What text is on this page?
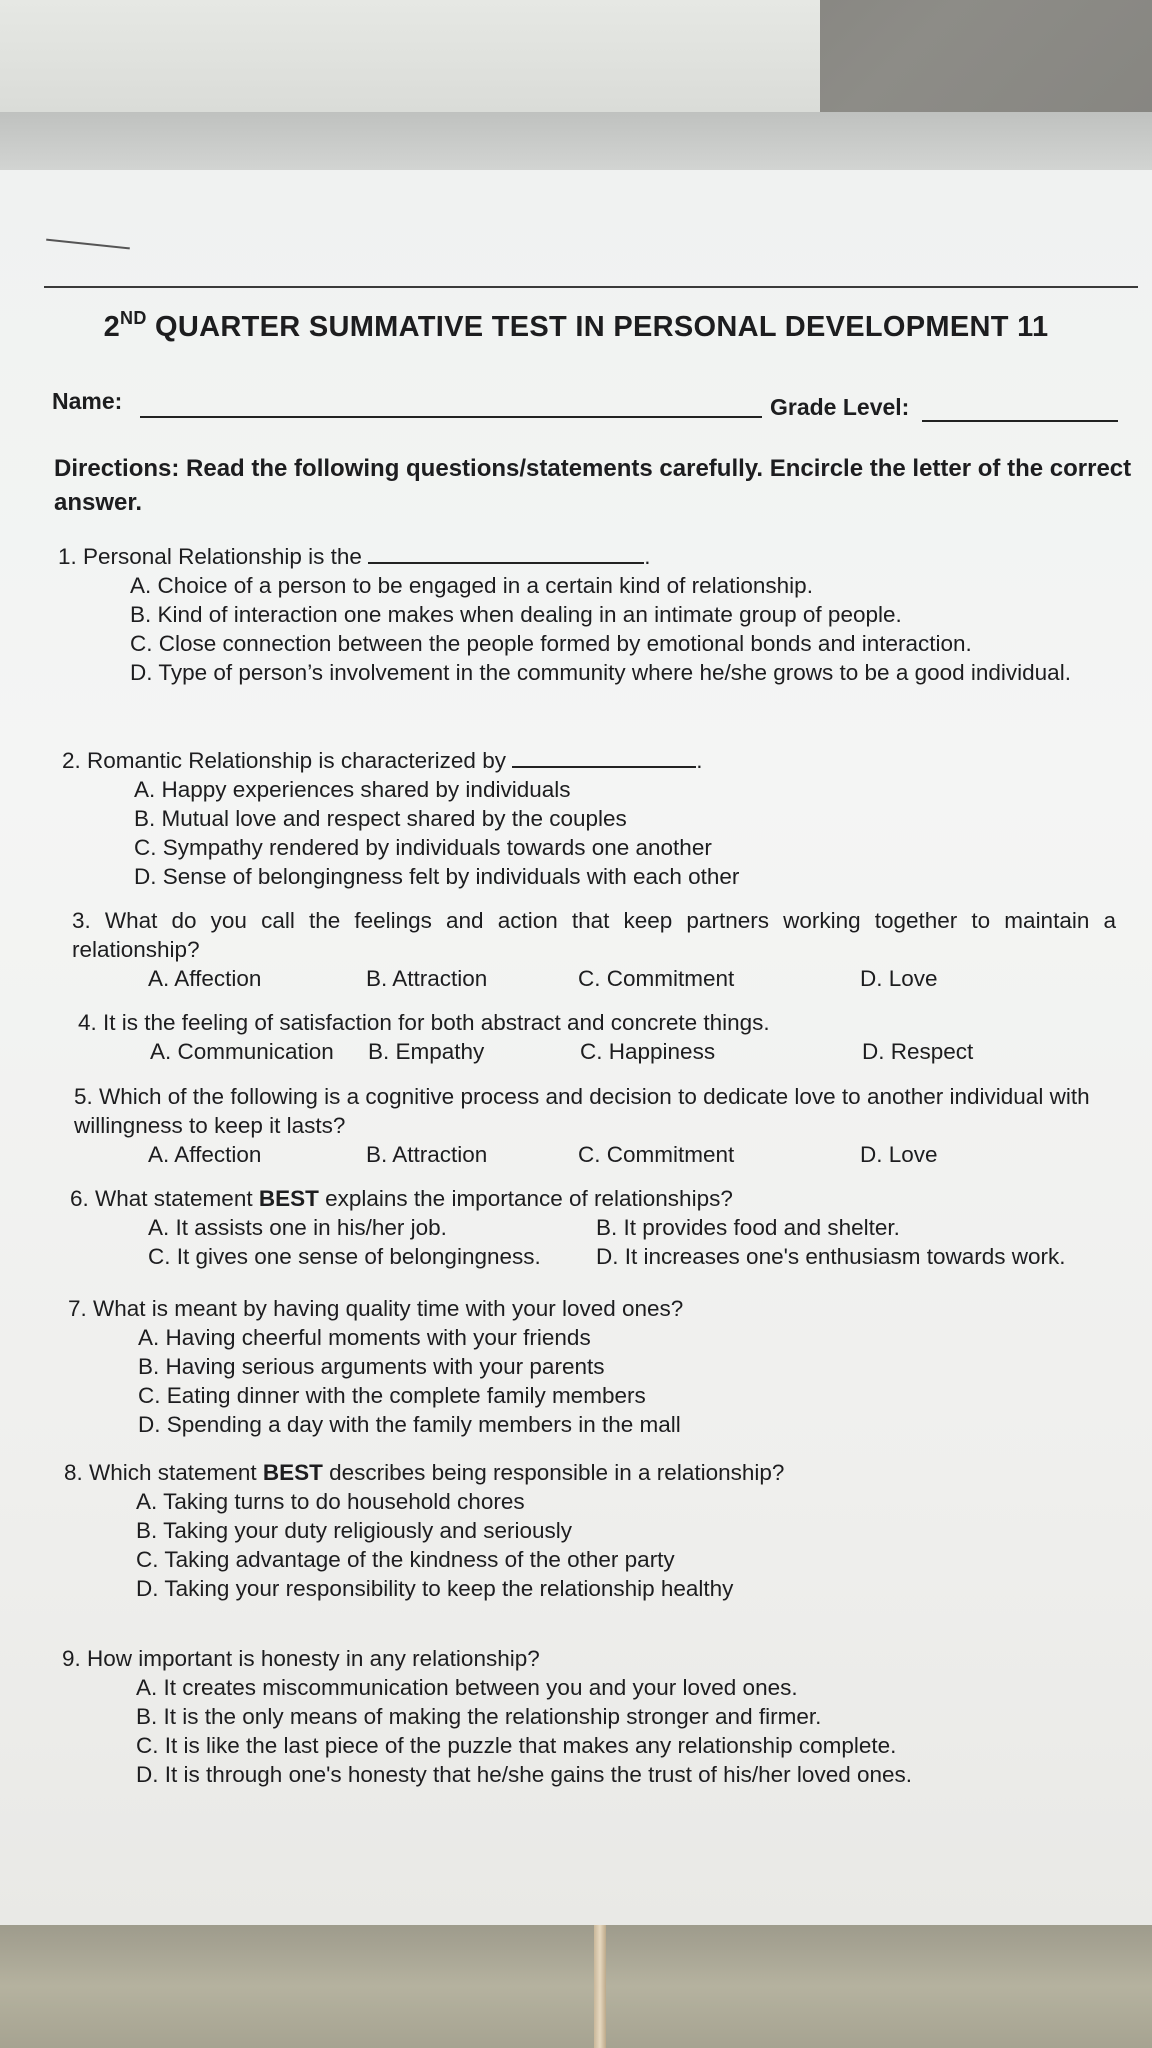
2ND QUARTER SUMMATIVE TEST IN PERSONAL DEVELOPMENT 11
Name:	Grade Level:
Directions: Read the following questions/statements carefully. Encircle the letter of the correct answer.
1. Personal Relationship is the	.
A. Choice of a person to be engaged in a certain kind of relationship.
B. Kind of interaction one makes when dealing in an intimate group of people.
C. Close connection between the people formed by emotional bonds and interaction.
D. Type of person’s involvement in the community where he/she grows to be a good individual.
2. Romantic Relationship is characterized by	.
A. Happy experiences shared by individuals
B. Mutual love and respect shared by the couples
C. Sympathy rendered by individuals towards one another
D. Sense of belongingness felt by individuals with each other
3. What do you call the feelings and action that keep partners working together to maintain a relationship?
A. Affection	B. Attraction	C. Commitment	D. Love
4. It is the feeling of satisfaction for both abstract and concrete things.
A. Communication	B. Empathy	C. Happiness	D. Respect
5. Which of the following is a cognitive process and decision to dedicate love to another individual with willingness to keep it lasts?
A. Affection	B. Attraction	C. Commitment	D. Love
6. What statement BEST explains the importance of relationships?
A. It assists one in his/her job.	B. It provides food and shelter.
C. It gives one sense of belongingness.	D. It increases one's enthusiasm towards work.
7. What is meant by having quality time with your loved ones?
A. Having cheerful moments with your friends
B. Having serious arguments with your parents
C. Eating dinner with the complete family members
D. Spending a day with the family members in the mall
8. Which statement BEST describes being responsible in a relationship?
A. Taking turns to do household chores
B. Taking your duty religiously and seriously
C. Taking advantage of the kindness of the other party
D. Taking your responsibility to keep the relationship healthy
9. How important is honesty in any relationship?
A. It creates miscommunication between you and your loved ones.
B. It is the only means of making the relationship stronger and firmer.
C. It is like the last piece of the puzzle that makes any relationship complete.
D. It is through one's honesty that he/she gains the trust of his/her loved ones.
